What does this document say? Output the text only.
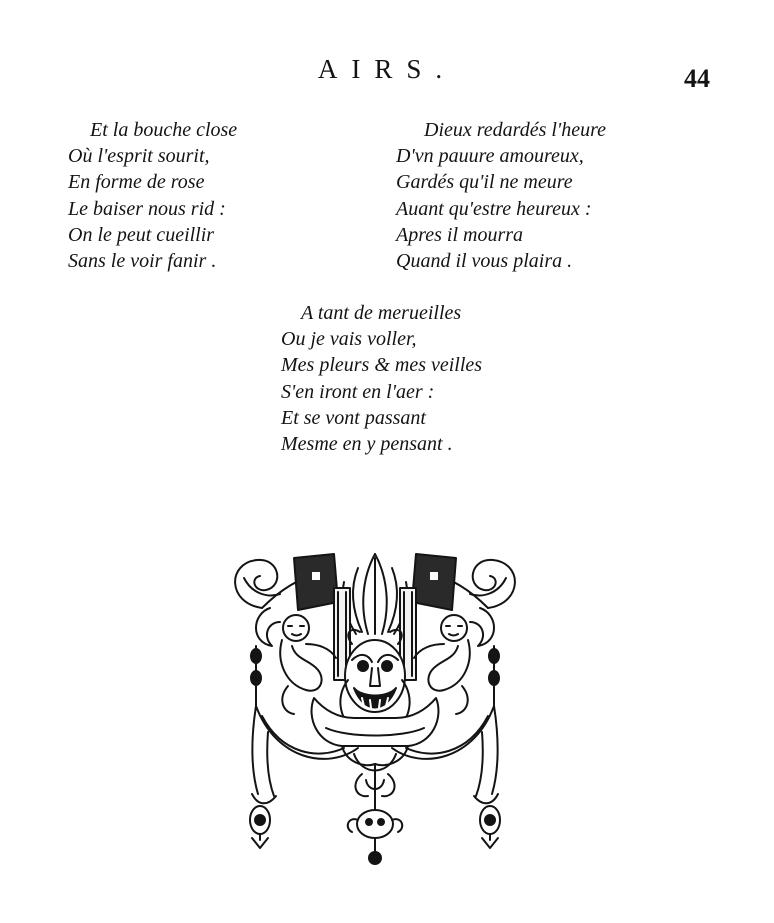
AIRS.	44
Et la bouche close
Où l'esprit sourit,
En forme de rose
Le baiser nous rid :
On le peut cueillir
Sans le voir fanir .
Dieux redardés l'heure
D'vn pauure amoureux,
Gardés qu'il ne meure
Auant qu'estre heureux :
Apres il mourra
Quand il vous plaira .
A tant de merueilles
Ou je vais voller,
Mes pleurs & mes veilles
S'en iront en l'aer :
Et se vont passant
Mesme en y pensant .
